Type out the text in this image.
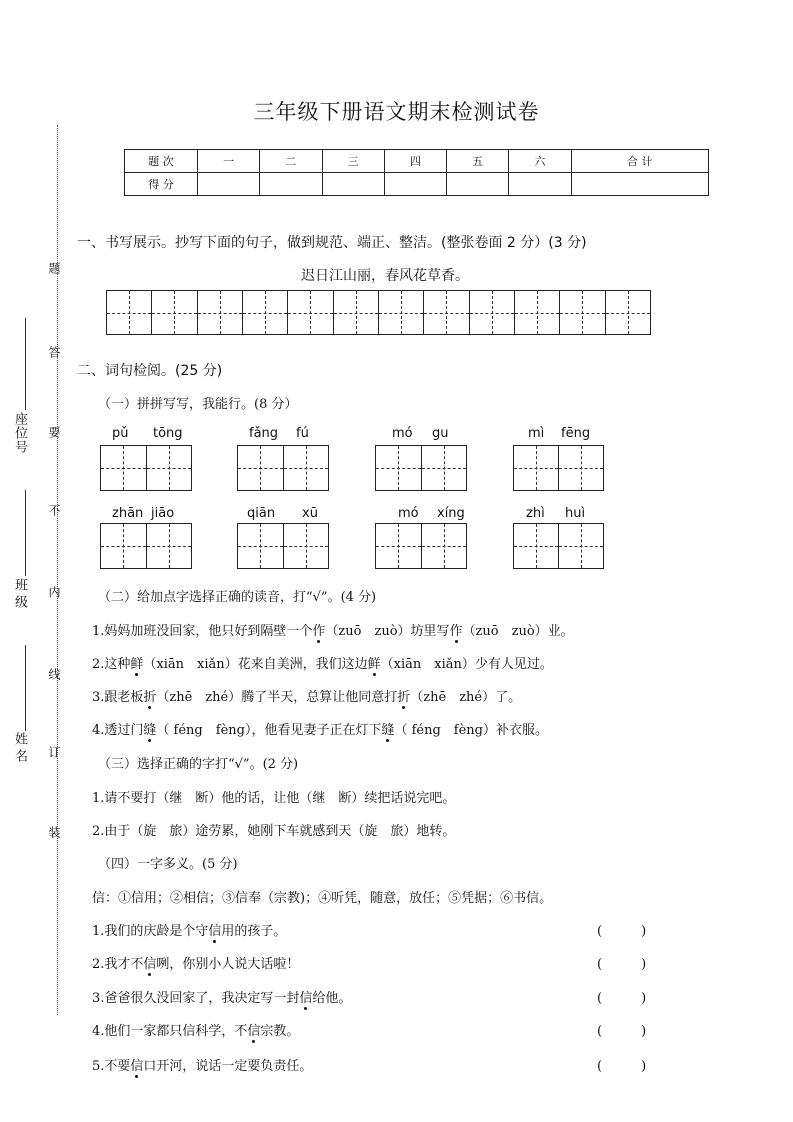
题
答
要
不
内
线
订
装
座位号
班级
姓名
三年级下册语文期末检测试卷
题 次	一	二	三	四	五	六	合 计
得 分							
一、书写展示。抄写下面的句子，做到规范、端正、整洁。(整张卷面 2 分）(3 分)
迟日江山丽，春风花草香。
二、词句检阅。(25 分)
（一）拼拼写写，我能行。(8 分）
pǔ tōng	fǎng fú	mó gu	mì fēng
zhān jiāo	qiān xū	mó xíng	zhì huì
（二）给加点字选择正确的读音，打“√”。(4 分)
1.妈妈加班没回家，他只好到隔壁一个作（zuō　zuò）坊里写作（zuō　zuò）业。
2.这种鲜（xiān　xiǎn）花来自美洲，我们这边鲜（xiān　xiǎn）少有人见过。
3.跟老板折（zhē　zhé）腾了半天，总算让他同意打折（zhē　zhé）了。
4.透过门缝（ féng　fèng），他看见妻子正在灯下缝（ féng　fèng）补衣服。
（三）选择正确的字打“√”。(2 分)
1.请不要打（继　断）他的话，让他（继　断）续把话说完吧。
2.由于（旋　旅）途劳累，她刚下车就感到天（旋　旅）地转。
（四）一字多义。(5 分)
信：①信用；②相信；③信奉（宗教)；④听凭，随意，放任；⑤凭据；⑥书信。
1.我们的庆龄是个守信用的孩子。	(　　　)
2.我才不信咧，你别小人说大话啦！	(　　　)
3.爸爸很久没回家了，我决定写一封信给他。	(　　　)
4.他们一家都只信科学，不信宗教。	(　　　)
5.不要信口开河，说话一定要负责任。	(　　　)
